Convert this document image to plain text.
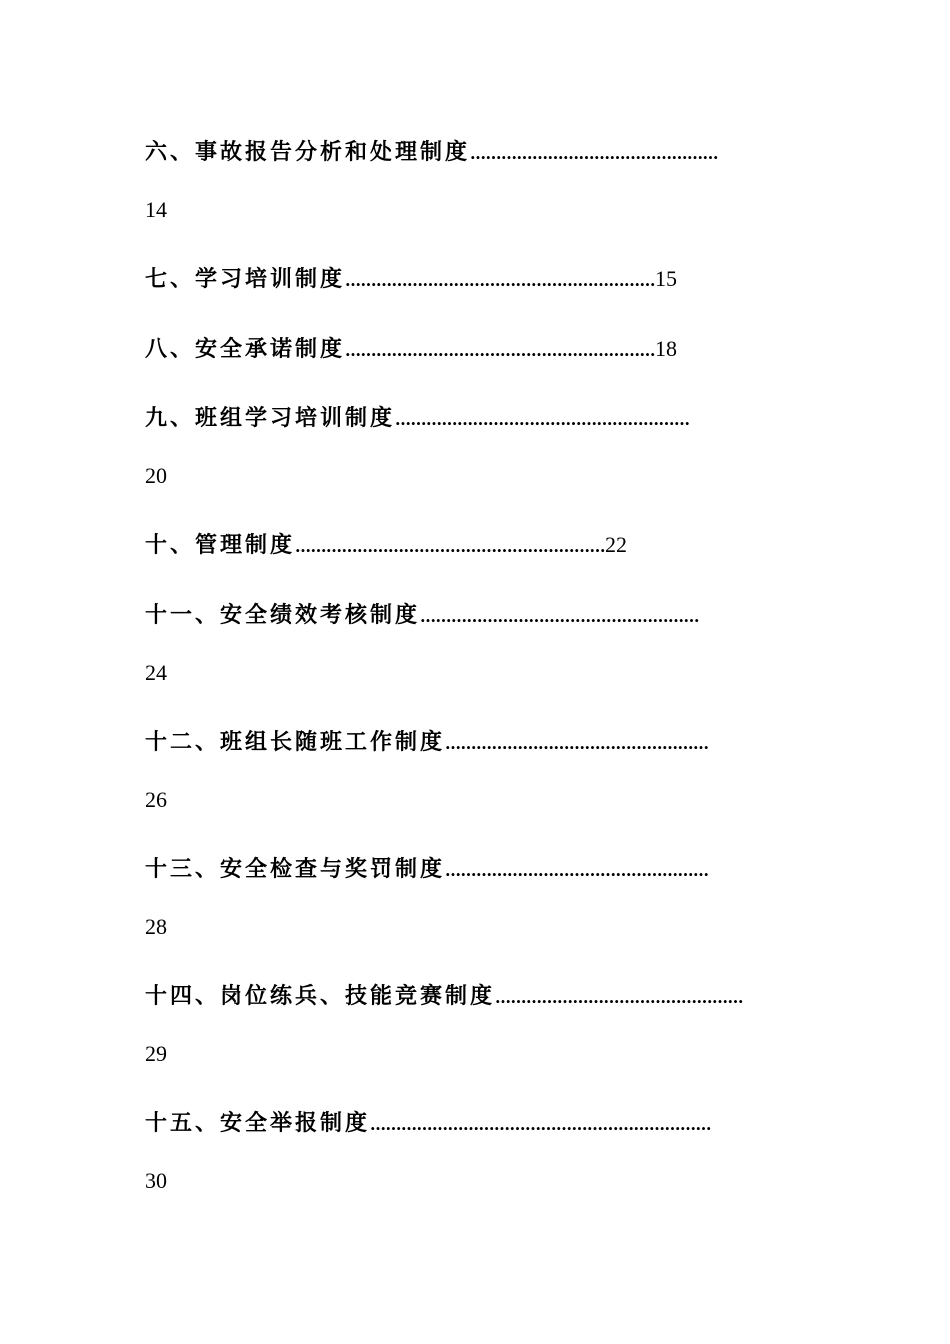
六、事故报告分析和处理制度…………………………………………
14
七、学习培训制度……………………………………………………15
八、安全承诺制度……………………………………………………18
九、班组学习培训制度…………………………………………………
20
十、管理制度……………………………………………………22
十一、安全绩效考核制度………………………………………………
24
十二、班组长随班工作制度……………………………………………
26
十三、安全检查与奖罚制度……………………………………………
28
十四、岗位练兵、技能竞赛制度…………………………………………
29
十五、安全举报制度…………………………………………………………
30
